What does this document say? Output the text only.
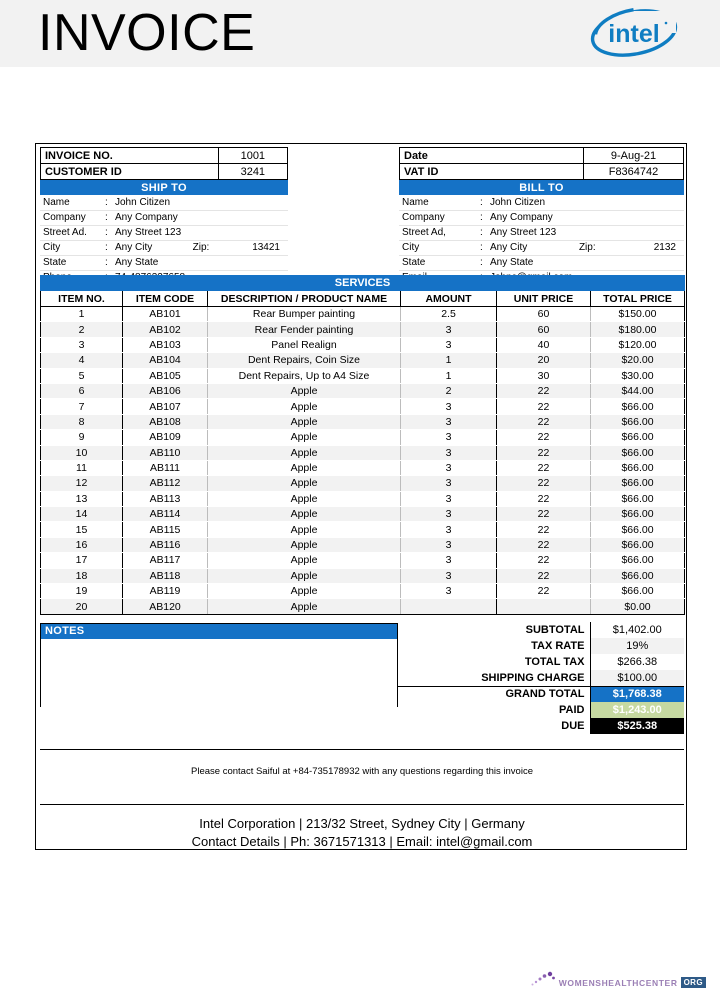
INVOICE	intel
INVOICE NO.	1001
CUSTOMER ID	3241
SHIP TO
Name	:	John Citizen		
Company	:	Any Company		
Street Ad.	:	Any Street 123		
City	:	Any City	Zip:	13421
State	:	Any State		

Date	9-Aug-21
VAT ID	F8364742
BILL TO
Name	:	John Citizen		
Company	:	Any Company		
Street Ad,	:	Any Street 123		
City	:	Any City	Zip:	2132
State	:	Any State		

SERVICES					
ITEM NO.	ITEM CODE	DESCRIPTION / PRODUCT NAME	AMOUNT	UNIT PRICE	TOTAL PRICE
1	AB101	Rear Bumper painting	2.5	60	$150.00
2	AB102	Rear Fender painting	3	60	$180.00
3	AB103	Panel Realign	3	40	$120.00
4	AB104	Dent Repairs, Coin Size	1	20	$20.00
5	AB105	Dent Repairs, Up to A4 Size	1	30	$30.00
6	AB106	Apple	2	22	$44.00
7	AB107	Apple	3	22	$66.00
8	AB108	Apple	3	22	$66.00
9	AB109	Apple	3	22	$66.00
10	AB110	Apple	3	22	$66.00
11	AB111	Apple	3	22	$66.00
12	AB112	Apple	3	22	$66.00
13	AB113	Apple	3	22	$66.00
14	AB114	Apple	3	22	$66.00
15	AB115	Apple	3	22	$66.00
16	AB116	Apple	3	22	$66.00
17	AB117	Apple	3	22	$66.00
18	AB118	Apple	3	22	$66.00
19	AB119	Apple	3	22	$66.00
20	AB120	Apple			$0.00
NOTES	SUBTOTAL	$1,402.00
TAX RATE	19%
TOTAL TAX	$266.38
SHIPPING CHARGE	$100.00
GRAND TOTAL	$1,768.38
PAID	$1,243.00
DUE	$525.38
Please contact Saiful at +84-735178932 with any questions regarding this invoice
Intel Corporation | 213/32 Street, Sydney City | Germany
Contact Details | Ph: 3671571313 | Email: intel@gmail.com
WOMENSHEALTHCENTER ORG
